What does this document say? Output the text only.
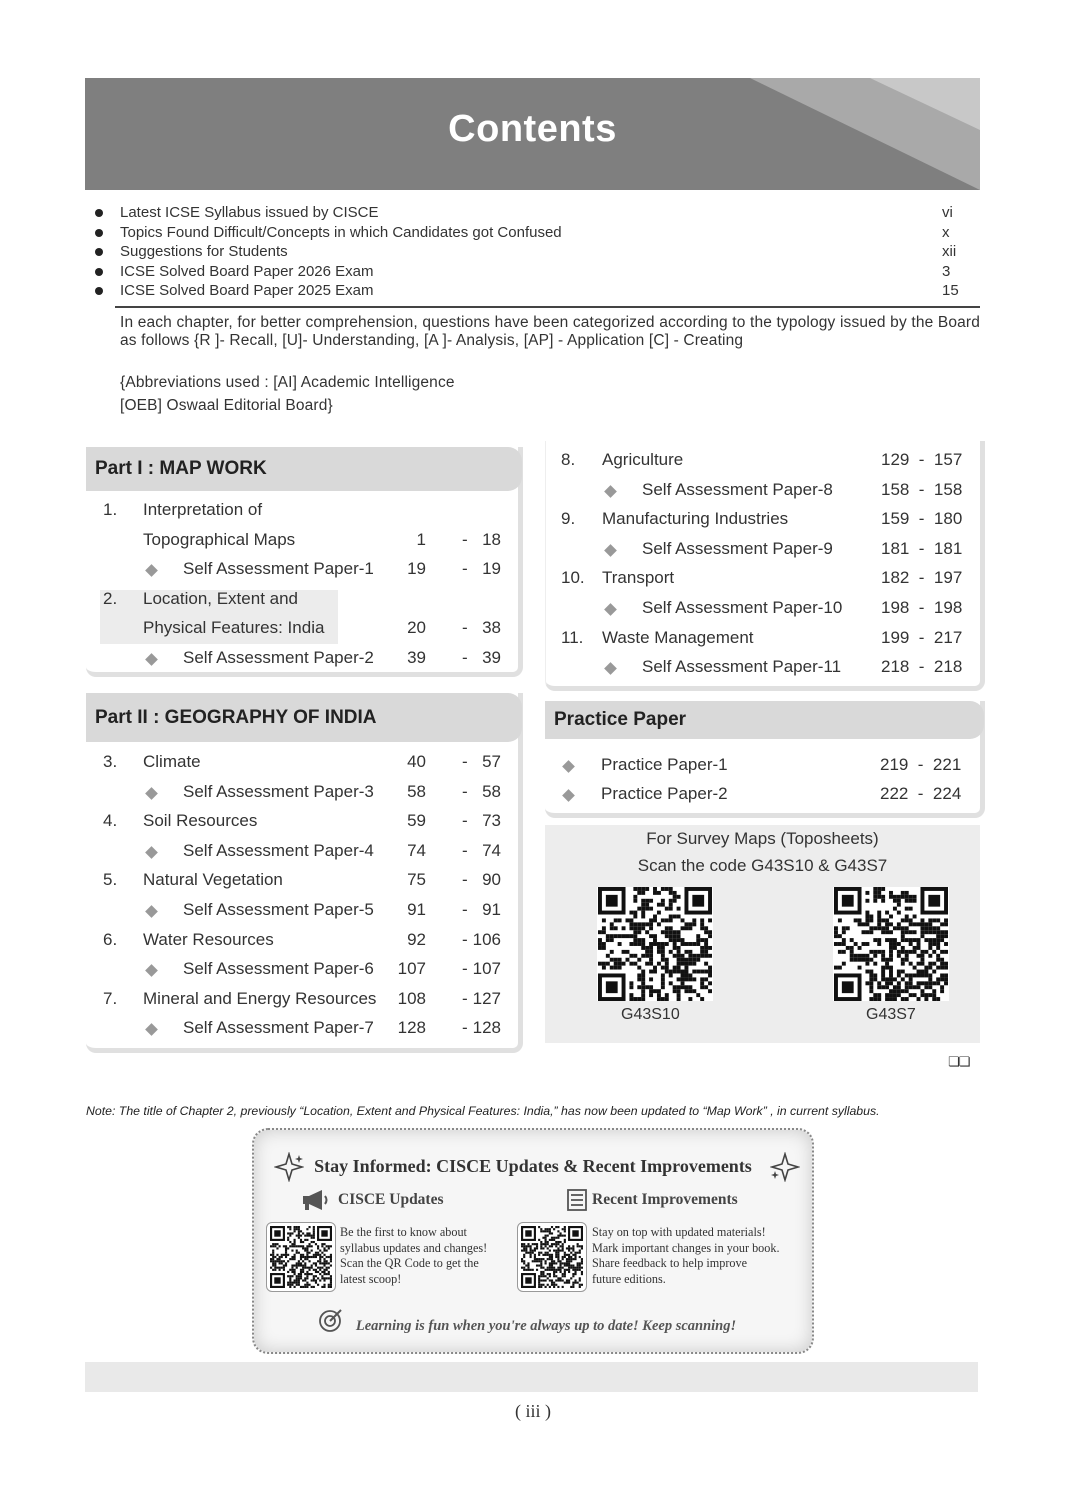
Contents
Latest ICSE Syllabus issued by CISCE	vi
Topics Found Difficult/Concepts in which Candidates got Confused	x
Suggestions for Students	xii
ICSE Solved Board Paper 2026 Exam	3
ICSE Solved Board Paper 2025 Exam	15

In each chapter, for better comprehension, questions have been categorized according to the typology issued by the Board as follows {R ]- Recall, [U]- Understanding, [A ]- Analysis, [AP] - Application [C] - Creating

{Abbreviations used : [AI] Academic Intelligence
[OEB] Oswaal Editorial Board}
Part I : MAP WORK
1. Interpretation of
Topographical Maps	1 - 18
Self Assessment Paper-1 19 - 19
2. Location, Extent and
Physical Features: India	20 - 38
Self Assessment Paper-2 39 - 39
Part II : GEOGRAPHY OF INDIA
3. Climate	40 - 57
Self Assessment Paper-3 58 - 58
4. Soil Resources	59 - 73
Self Assessment Paper-4 74 - 74
5. Natural Vegetation	75 - 90
Self Assessment Paper-5 91 - 91
6. Water Resources	92 - 106
Self Assessment Paper-6 107 - 107
7. Mineral and Energy Resources 108 - 127
Self Assessment Paper-7 128 - 128
8. Agriculture	129  -  157
Self Assessment Paper-8	158  -  158
9. Manufacturing Industries	159  -  180
Self Assessment Paper-9	181  -  181
10. Transport	182  -  197
Self Assessment Paper-10 198  -  198
11. Waste Management	199  -  217
Self Assessment Paper-11 218  -  218
Practice Paper
Practice Paper-1	219  -  221
Practice Paper-2	222  -  224
For Survey Maps (Toposheets)
Scan the code G43S10 & G43S7
G43S10	G43S7
❏❏
Note: The title of Chapter 2, previously “Location, Extent and Physical Features: India,” has now been updated to “Map Work” , in current syllabus.
Stay Informed: CISCE Updates & Recent Improvements
CISCE Updates	Recent Improvements
Be the first to know about
syllabus updates and changes!
Scan the QR Code to get the
latest scoop!
Stay on top with updated materials!
Mark important changes in your book.
Share feedback to help improve
future editions.
Learning is fun when you're always up to date! Keep scanning!
( iii )
